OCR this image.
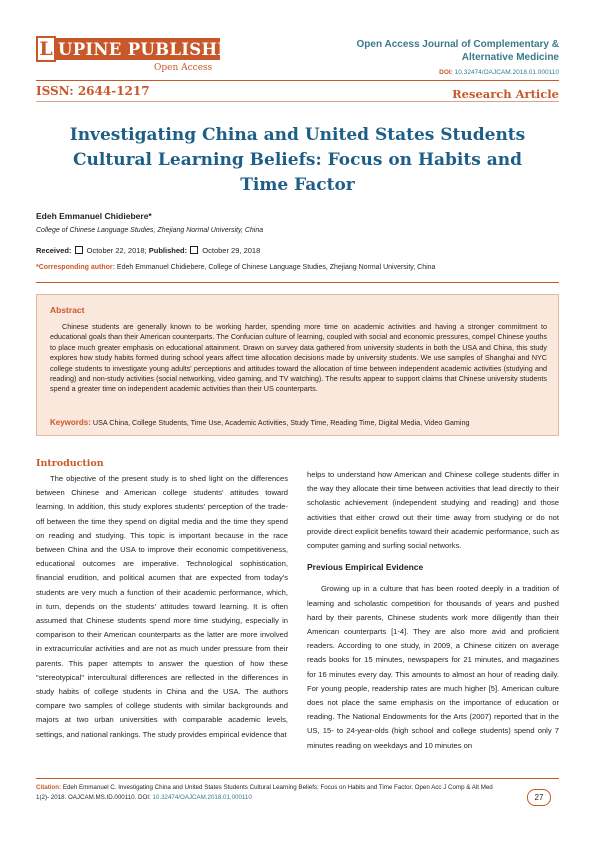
L UPINE PUBLISHERS
Open Access
ISSN: 2644-1217
Open Access Journal of Complementary &
Alternative Medicine
DOI: 10.32474/OAJCAM.2018.01.000110
Research Article
Investigating China and United States Students Cultural Learning Beliefs: Focus on Habits and Time Factor
Edeh Emmanuel Chidiebere*
College of Chinese Language Studies, Zhejiang Normal University, China
Received: October 22, 2018; Published: October 29, 2018
*Corresponding author: Edeh Emmanuel Chidiebere, College of Chinese Language Studies, Zhejiang Normal University, China
Abstract
Chinese students are generally known to be working harder, spending more time on academic activities and having a stronger commitment to educational goals than their American counterparts. The Confucian culture of learning, coupled with social and economic pressures, compel Chinese youths to place much greater emphasis on educational attainment. Drawn on survey data gathered from university students in both the USA and China, this study explores how study habits formed during school years affect time allocation decisions made by university students. We use samples of Shanghai and NYC college students to investigate young adults' perceptions and attitudes toward the allocation of time between independent academic activities (studying and reading) and non-study activities (social networking, video gaming, and TV watching). The results appear to support claims that Chinese university students spend a greater time on independent academic activities than their US counterparts.
Keywords: USA China, College Students, Time Use, Academic Activities, Study Time, Reading Time, Digital Media, Video Gaming
Introduction

The objective of the present study is to shed light on the differences between Chinese and American college students' attitudes toward learning. In addition, this study explores students' perception of the trade-off between the time they spend on digital media and the time they spend on reading and studying. This topic is important because in the race between China and the USA to improve their economic competitiveness, educational outcomes are imperative. Technological sophistication, financial erudition, and political acumen that are expected from today's students are very much a function of their academic performance, which, in turn, depends on the students' attitudes toward learning. It is often assumed that Chinese students spend more time studying, especially in comparison to their American counterparts as the latter are more involved in extracurricular activities and are not as much under pressure from their parents. This paper attempts to answer the question of how these "stereotypical" intercultural differences are reflected in the differences in study habits of college students in China and the USA. The authors compare two samples of college students with similar backgrounds and majors at two urban universities with comparable academic levels, settings, and national rankings. The study provides empirical evidence that

helps to understand how American and Chinese college students differ in the way they allocate their time between activities that lead directly to their scholastic achievement (independent studying and reading) and those activities that either crowd out their time away from studying or do not provide direct explicit benefits toward their academic performance, such as computer gaming and surfing social networks.

Previous Empirical Evidence

Growing up in a culture that has been rooted deeply in a tradition of learning and scholastic competition for thousands of years and pushed hard by their parents, Chinese students work more diligently than their American counterparts [1-4]. They are also more avid and proficient readers. According to one study, in 2009, a Chinese citizen on average reads books for 15 minutes, newspapers for 21 minutes, and magazines for 16 minutes every day. This amounts to almost an hour of reading daily. For young people, readership rates are much higher [5]. American culture does not place the same emphasis on the importance of education or reading. The National Endowments for the Arts (2007) reported that in the US, 15- to 24-year-olds (high school and college students) spend only 7 minutes reading on weekdays and 10 minutes on

Citation: Edeh Emmanuel C. Investigating China and United States Students Cultural Learning Beliefs: Focus on Habits and Time Factor. Open Acc J Comp & Alt Med 1(2)- 2018. OAJCAM.MS.ID.000110. DOI: 10.32474/OAJCAM.2018.01.000110	27
